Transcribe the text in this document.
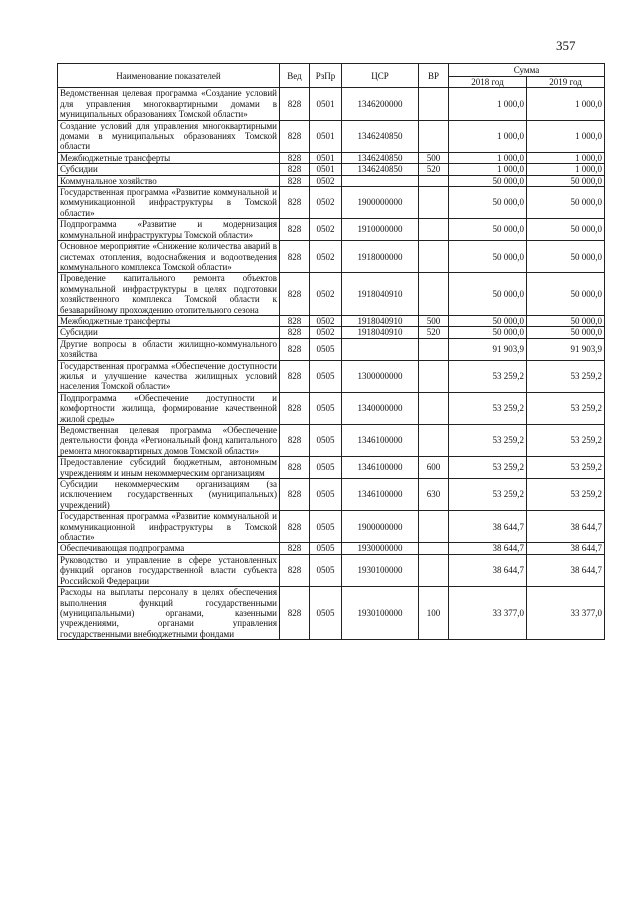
357
Наименование показателей	Вед	РзПр	ЦСР	ВР	Сумма	
					2018 год	2019 год
Ведомственная целевая программа «Создание условий для управления многоквартирными домами в муниципальных образованиях Томской области»	828	0501	1346200000		1 000,0	1 000,0
Создание условий для управления многоквартирными домами в муниципальных образованиях Томской области	828	0501	1346240850		1 000,0	1 000,0
Межбюджетные трансферты	828	0501	1346240850	500	1 000,0	1 000,0
Субсидии	828	0501	1346240850	520	1 000,0	1 000,0
Коммунальное хозяйство	828	0502			50 000,0	50 000,0
Государственная программа «Развитие коммунальной и коммуникационной инфраструктуры в Томской области»	828	0502	1900000000		50 000,0	50 000,0
Подпрограмма «Развитие и модернизация коммунальной инфраструктуры Томской области»	828	0502	1910000000		50 000,0	50 000,0
Основное мероприятие «Снижение количества аварий в системах отопления, водоснабжения и водоотведения коммунального комплекса Томской области»	828	0502	1918000000		50 000,0	50 000,0
Проведение капитального ремонта объектов коммунальной инфраструктуры в целях подготовки хозяйственного комплекса Томской области к безаварийному прохождению отопительного сезона	828	0502	1918040910		50 000,0	50 000,0
Межбюджетные трансферты	828	0502	1918040910	500	50 000,0	50 000,0
Субсидии	828	0502	1918040910	520	50 000,0	50 000,0
Другие вопросы в области жилищно-коммунального хозяйства	828	0505			91 903,9	91 903,9
Государственная программа «Обеспечение доступности жилья и улучшение качества жилищных условий населения Томской области»	828	0505	1300000000		53 259,2	53 259,2
Подпрограмма «Обеспечение доступности и комфортности жилища, формирование качественной жилой среды»	828	0505	1340000000		53 259,2	53 259,2
Ведомственная целевая программа «Обеспечение деятельности фонда «Региональный фонд капитального ремонта многоквартирных домов Томской области»	828	0505	1346100000		53 259,2	53 259,2
Предоставление субсидий бюджетным, автономным учреждениям и иным некоммерческим организациям	828	0505	1346100000	600	53 259,2	53 259,2
Субсидии некоммерческим организациям (за исключением государственных (муниципальных) учреждений)	828	0505	1346100000	630	53 259,2	53 259,2
Государственная программа «Развитие коммунальной и коммуникационной инфраструктуры в Томской области»	828	0505	1900000000		38 644,7	38 644,7
Обеспечивающая подпрограмма	828	0505	1930000000		38 644,7	38 644,7
Руководство и управление в сфере установленных функций органов государственной власти субъекта Российской Федерации	828	0505	1930100000		38 644,7	38 644,7
Расходы на выплаты персоналу в целях обеспечения выполнения функций государственными (муниципальными) органами, казенными учреждениями, органами управления государственными внебюджетными фондами	828	0505	1930100000	100	33 377,0	33 377,0
